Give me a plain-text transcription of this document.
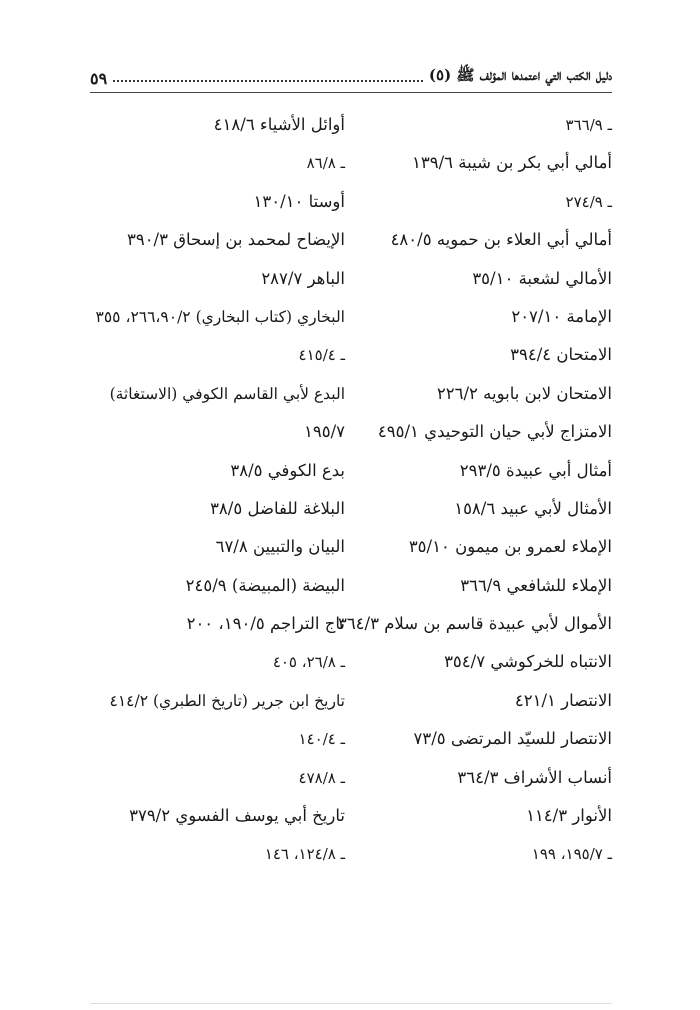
دليل الكتب التي اعتمدها المؤلف ﷺ (٥)
٥٩
ـ ٣٦٦/٩
أمالي أبي بكر بن شيبة ١٣٩/٦
ـ ٢٧٤/٩
أمالي أبي العلاء بن حمويه ٤٨٠/٥
الأمالي لشعبة ٣٥/١٠
الإمامة ٢٠٧/١٠
الامتحان ٣٩٤/٤
الامتحان لابن بابويه ٢٢٦/٢
الامتزاج لأبي حيان التوحيدي ٤٩٥/١
أمثال أبي عبيدة ٢٩٣/٥
الأمثال لأبي عبيد ١٥٨/٦
الإملاء لعمرو بن ميمون ٣٥/١٠
الإملاء للشافعي ٣٦٦/٩
الأموال لأبي عبيدة قاسم بن سلام ٣٦٤/٣
الانتباه للخركوشي ٣٥٤/٧
الانتصار ٤٢١/١
الانتصار للسيّد المرتضى ٧٣/٥
أنساب الأشراف ٣٦٤/٣
الأنوار ١١٤/٣
ـ ١٩٥/٧، ١٩٩
أوائل الأشياء ٤١٨/٦
ـ ٨٦/٨
أوستا ١٣٠/١٠
الإيضاح لمحمد بن إسحاق ٣٩٠/٣
الباهر ٢٨٧/٧
البخاري (كتاب البخاري) ٢٦٦،٩٠/٢، ٣٥٥
ـ ٤١٥/٤
البدع لأبي القاسم الكوفي (الاستغاثة)
١٩٥/٧
بدع الكوفي ٣٨/٥
البلاغة للفاضل ٣٨/٥
البيان والتبيين ٦٧/٨
البيضة (المبيضة) ٢٤٥/٩
تاج التراجم ١٩٠/٥، ٢٠٠
ـ ٢٦/٨، ٤٠٥
تاريخ ابن جرير (تاريخ الطبري) ٤١٤/٢
ـ ١٤٠/٤
ـ ٤٧٨/٨
تاريخ أبي يوسف الفسوي ٣٧٩/٢
ـ ١٢٤/٨، ١٤٦
